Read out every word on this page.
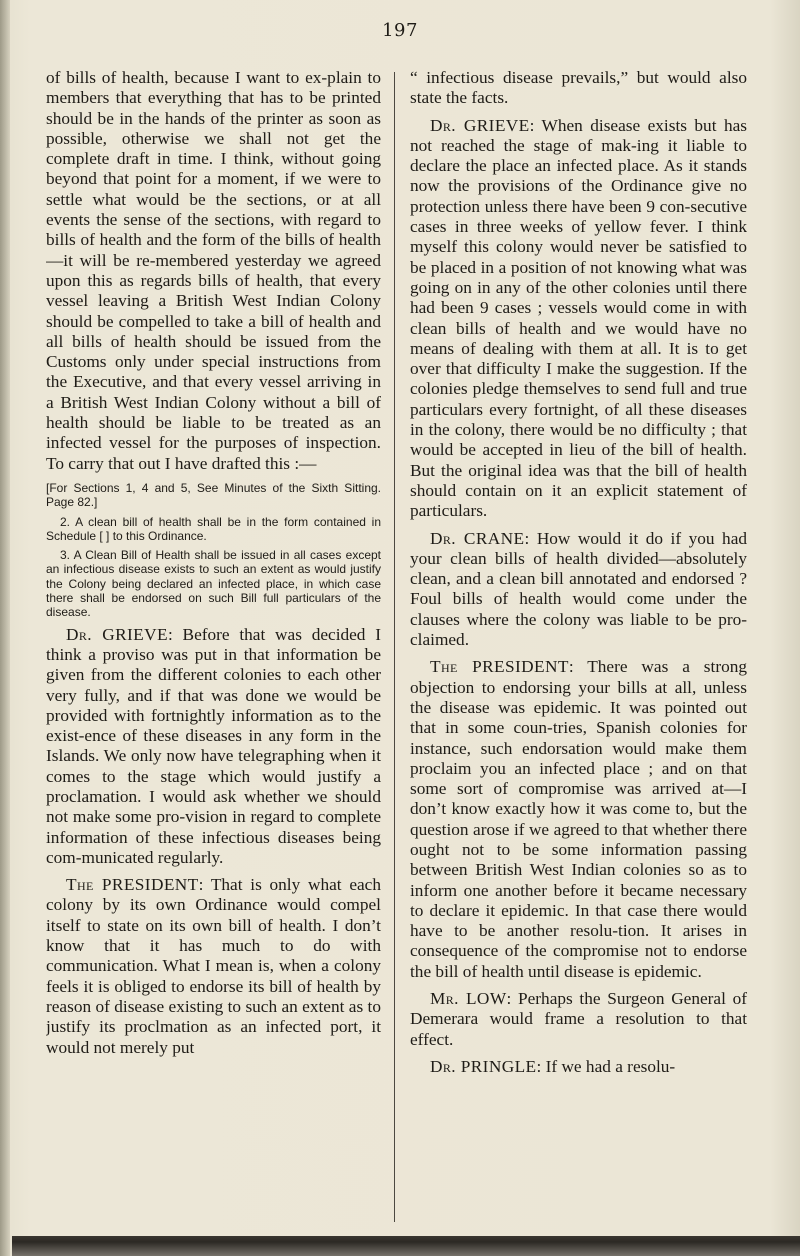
197

of bills of health, because I want to ex-plain to members that everything that has to be printed should be in the hands of the printer as soon as possible, otherwise we shall not get the complete draft in time. I think, without going beyond that point for a moment, if we were to settle what would be the sections, or at all events the sense of the sections, with regard to bills of health and the form of the bills of health—it will be re-membered yesterday we agreed upon this as regards bills of health, that every vessel leaving a British West Indian Colony should be compelled to take a bill of health and all bills of health should be issued from the Customs only under special instructions from the Executive, and that every vessel arriving in a British West Indian Colony without a bill of health should be liable to be treated as an infected vessel for the purposes of inspection. To carry that out I have drafted this :—

[For Sections 1, 4 and 5, See Minutes of the Sixth Sitting. Page 82.]
2. A clean bill of health shall be in the form contained in Schedule [ ] to this Ordinance.
3. A Clean Bill of Health shall be issued in all cases except an infectious disease exists to such an extent as would justify the Colony being declared an infected place, in which case there shall be endorsed on such Bill full particulars of the disease.

Dr. GRIEVE: Before that was decided I think a proviso was put in that information be given from the different colonies to each other very fully, and if that was done we would be provided with fortnightly information as to the exist-ence of these diseases in any form in the Islands. We only now have telegraphing when it comes to the stage which would justify a proclamation. I would ask whether we should not make some pro-vision in regard to complete information of these infectious diseases being com-municated regularly.

The PRESIDENT: That is only what each colony by its own Ordinance would compel itself to state on its own bill of health. I don’t know that it has much to do with communication. What I mean is, when a colony feels it is obliged to endorse its bill of health by reason of disease existing to such an extent as to justify its proclmation as an infected port, it would not merely put

“ infectious disease prevails,” but would also state the facts.

Dr. GRIEVE: When disease exists but has not reached the stage of mak-ing it liable to declare the place an infected place. As it stands now the provisions of the Ordinance give no protection unless there have been 9 con-secutive cases in three weeks of yellow fever. I think myself this colony would never be satisfied to be placed in a position of not knowing what was going on in any of the other colonies until there had been 9 cases ; vessels would come in with clean bills of health and we would have no means of dealing with them at all. It is to get over that difficulty I make the suggestion. If the colonies pledge themselves to send full and true particulars every fortnight, of all these diseases in the colony, there would be no difficulty ; that would be accepted in lieu of the bill of health. But the original idea was that the bill of health should contain on it an explicit statement of particulars.

Dr. CRANE: How would it do if you had your clean bills of health divided—absolutely clean, and a clean bill annotated and endorsed ? Foul bills of health would come under the clauses where the colony was liable to be pro-claimed.

The PRESIDENT: There was a strong objection to endorsing your bills at all, unless the disease was epidemic. It was pointed out that in some coun-tries, Spanish colonies for instance, such endorsation would make them proclaim you an infected place ; and on that some sort of compromise was arrived at—I don’t know exactly how it was come to, but the question arose if we agreed to that whether there ought not to be some information passing between British West Indian colonies so as to inform one another before it became necessary to declare it epidemic. In that case there would have to be another resolu-tion. It arises in consequence of the compromise not to endorse the bill of health until disease is epidemic.

Mr. LOW: Perhaps the Surgeon General of Demerara would frame a resolution to that effect.

Dr. PRINGLE: If we had a resolu-
